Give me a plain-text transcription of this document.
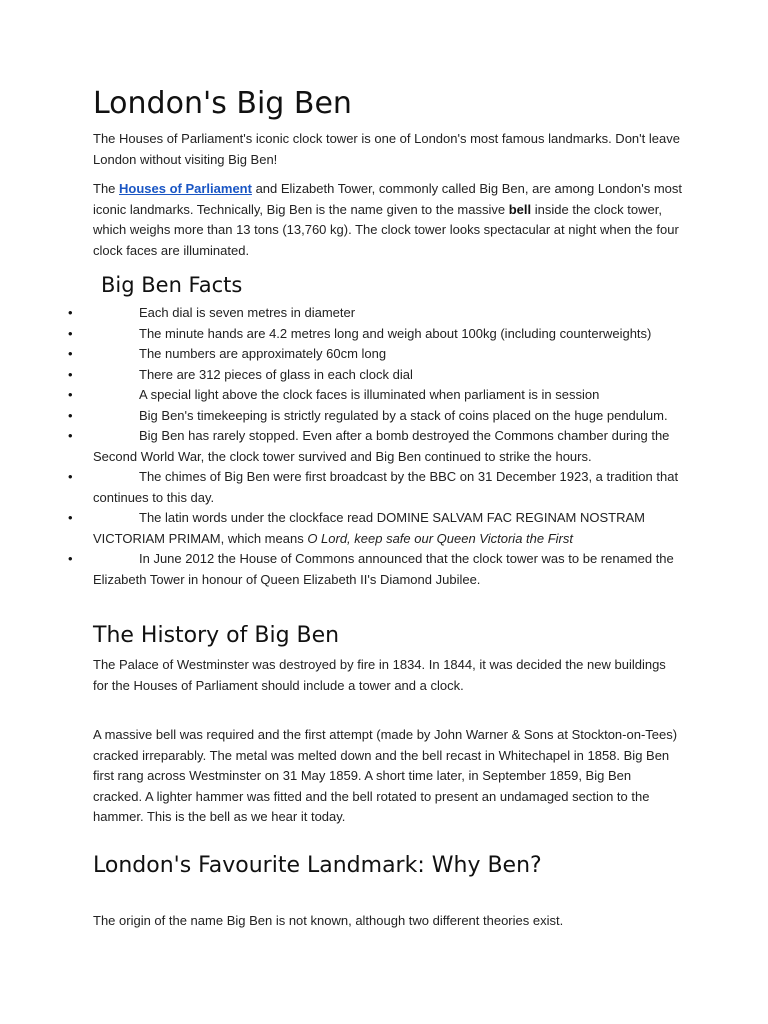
London's Big Ben

The Houses of Parliament's iconic clock tower is one of London's most famous landmarks. Don't leave London without visiting Big Ben!

The Houses of Parliament and Elizabeth Tower, commonly called Big Ben, are among London's most iconic landmarks. Technically, Big Ben is the name given to the massive bell inside the clock tower, which weighs more than 13 tons (13,760 kg). The clock tower looks spectacular at night when the four clock faces are illuminated.

Big Ben Facts
•	Each dial is seven metres in diameter
•	The minute hands are 4.2 metres long and weigh about 100kg (including counterweights)
•	The numbers are approximately 60cm long
•	There are 312 pieces of glass in each clock dial
•	A special light above the clock faces is illuminated when parliament is in session
•	Big Ben's timekeeping is strictly regulated by a stack of coins placed on the huge pendulum.
•	Big Ben has rarely stopped. Even after a bomb destroyed the Commons chamber during the Second World War, the clock tower survived and Big Ben continued to strike the hours.
•	The chimes of Big Ben were first broadcast by the BBC on 31 December 1923, a tradition that continues to this day.
•	The latin words under the clockface read DOMINE SALVAM FAC REGINAM NOSTRAM VICTORIAM PRIMAM, which means O Lord, keep safe our Queen Victoria the First
•	In June 2012 the House of Commons announced that the clock tower was to be renamed the Elizabeth Tower in honour of Queen Elizabeth II's Diamond Jubilee.
The History of Big Ben

The Palace of Westminster was destroyed by fire in 1834. In 1844, it was decided the new buildings for the Houses of Parliament should include a tower and a clock.

A massive bell was required and the first attempt (made by John Warner & Sons at Stockton-on-Tees) cracked irreparably. The metal was melted down and the bell recast in Whitechapel in 1858. Big Ben first rang across Westminster on 31 May 1859. A short time later, in September 1859, Big Ben cracked. A lighter hammer was fitted and the bell rotated to present an undamaged section to the hammer. This is the bell as we hear it today.

London's Favourite Landmark: Why Ben?

The origin of the name Big Ben is not known, although two different theories exist.
